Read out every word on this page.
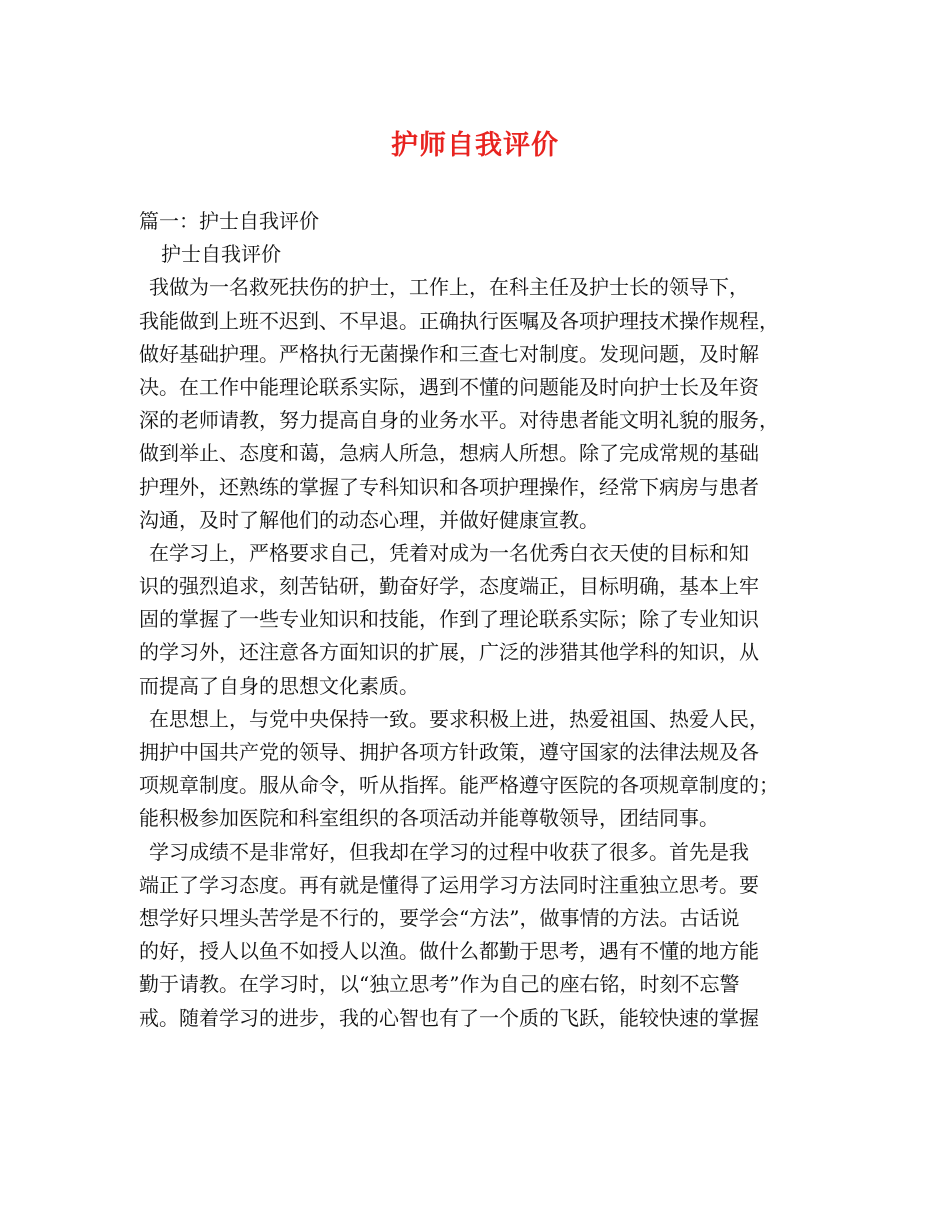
护师自我评价
篇一：护士自我评价
护士自我评价
我做为一名救死扶伤的护士，工作上，在科主任及护士长的领导下，
我能做到上班不迟到、不早退。正确执行医嘱及各项护理技术操作规程，
做好基础护理。严格执行无菌操作和三查七对制度。发现问题，及时解
决。在工作中能理论联系实际，遇到不懂的问题能及时向护士长及年资
深的老师请教，努力提高自身的业务水平。对待患者能文明礼貌的服务，
做到举止、态度和蔼，急病人所急，想病人所想。除了完成常规的基础
护理外，还熟练的掌握了专科知识和各项护理操作，经常下病房与患者
沟通，及时了解他们的动态心理，并做好健康宣教。
在学习上，严格要求自己，凭着对成为一名优秀白衣天使的目标和知
识的强烈追求，刻苦钻研，勤奋好学，态度端正，目标明确，基本上牢
固的掌握了一些专业知识和技能，作到了理论联系实际；除了专业知识
的学习外，还注意各方面知识的扩展，广泛的涉猎其他学科的知识，从
而提高了自身的思想文化素质。
在思想上，与党中央保持一致。要求积极上进，热爱祖国、热爱人民，
拥护中国共产党的领导、拥护各项方针政策，遵守国家的法律法规及各
项规章制度。服从命令，听从指挥。能严格遵守医院的各项规章制度的；
能积极参加医院和科室组织的各项活动并能尊敬领导，团结同事。
学习成绩不是非常好，但我却在学习的过程中收获了很多。首先是我
端正了学习态度。再有就是懂得了运用学习方法同时注重独立思考。要
想学好只埋头苦学是不行的，要学会“方法”，做事情的方法。古话说
的好，授人以鱼不如授人以渔。做什么都勤于思考，遇有不懂的地方能
勤于请教。在学习时，以“独立思考”作为自己的座右铭，时刻不忘警
戒。随着学习的进步，我的心智也有了一个质的飞跃，能较快速的掌握
